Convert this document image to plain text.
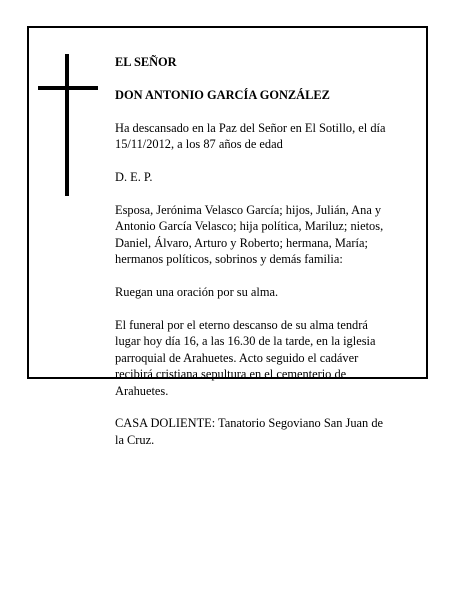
EL SEÑOR

DON ANTONIO GARCÍA GONZÁLEZ

Ha descansado en la Paz del Señor en El Sotillo, el día
15/11/2012, a los 87 años de edad

D. E. P.

Esposa, Jerónima Velasco García; hijos, Julián, Ana y
Antonio García Velasco; hija política, Mariluz; nietos,
Daniel, Álvaro, Arturo y Roberto; hermana, María;
hermanos políticos, sobrinos y demás familia:

Ruegan una oración por su alma.

El funeral por el eterno descanso de su alma tendrá
lugar hoy día 16, a las 16.30 de la tarde, en la iglesia
parroquial de Arahuetes. Acto seguido el cadáver
recibirá cristiana sepultura en el cementerio de
Arahuetes.

CASA DOLIENTE: Tanatorio Segoviano San Juan de
la Cruz.
